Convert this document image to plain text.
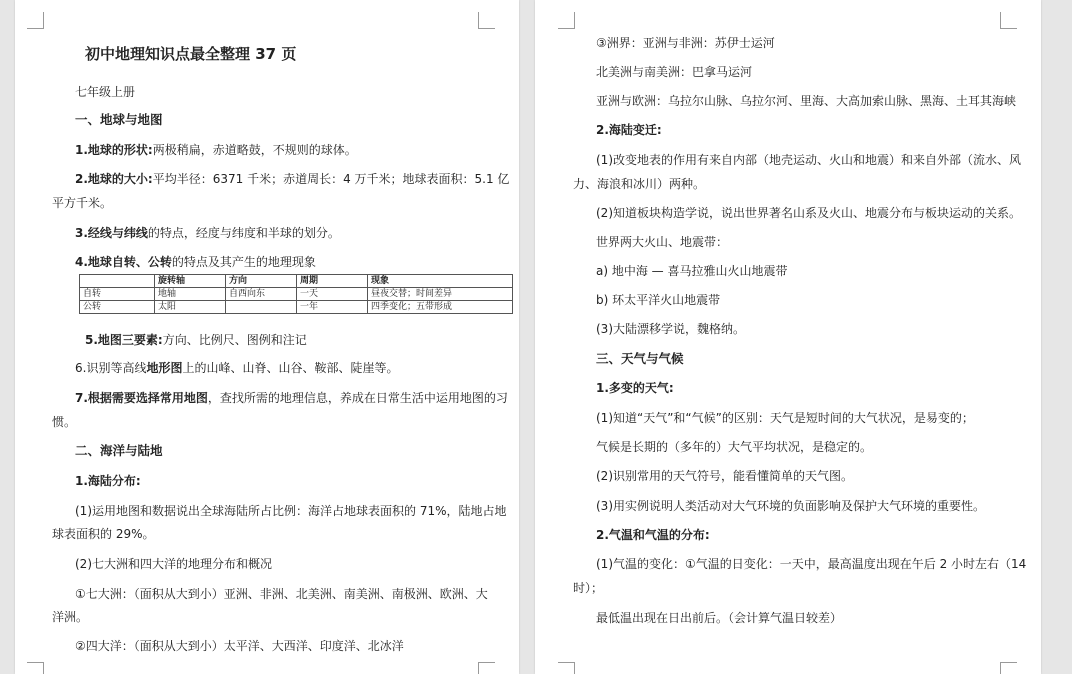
初中地理知识点最全整理 37 页
七年级上册
一、地球与地图
1.地球的形状:两极稍扁，赤道略鼓，不规则的球体。
2.地球的大小:平均半径：6371 千米；赤道周长：4 万千米；地球表面积：5.1 亿
平方千米。
3.经线与纬线的特点，经度与纬度和半球的划分。
4.地球自转、公转的特点及其产生的地理现象
	旋转轴	方向	周期	现象
自转	地轴	自西向东	一天	昼夜交替；时间差异
公转	太阳		一年	四季变化；五带形成
5.地图三要素:方向、比例尺、图例和注记
6.识别等高线地形图上的山峰、山脊、山谷、鞍部、陡崖等。
7.根据需要选择常用地图，查找所需的地理信息，养成在日常生活中运用地图的习
惯。
二、海洋与陆地
1.海陆分布:
(1)运用地图和数据说出全球海陆所占比例：海洋占地球表面积的 71%，陆地占地
球表面积的 29%。
(2)七大洲和四大洋的地理分布和概况
①七大洲：（面积从大到小）亚洲、非洲、北美洲、南美洲、南极洲、欧洲、大
洋洲。
②四大洋：（面积从大到小）太平洋、大西洋、印度洋、北冰洋
③洲界：亚洲与非洲：苏伊士运河
北美洲与南美洲：巴拿马运河
亚洲与欧洲：乌拉尔山脉、乌拉尔河、里海、大高加索山脉、黑海、土耳其海峡
2.海陆变迁:
(1)改变地表的作用有来自内部（地壳运动、火山和地震）和来自外部（流水、风
力、海浪和冰川）两种。
(2)知道板块构造学说，说出世界著名山系及火山、地震分布与板块运动的关系。
世界两大火山、地震带：
a) 地中海 — 喜马拉雅山火山地震带
b) 环太平洋火山地震带
(3)大陆漂移学说，魏格纳。
三、天气与气候
1.多变的天气:
(1)知道“天气”和“气候”的区别：天气是短时间的大气状况，是易变的；
气候是长期的（多年的）大气平均状况，是稳定的。
(2)识别常用的天气符号，能看懂简单的天气图。
(3)用实例说明人类活动对大气环境的负面影响及保护大气环境的重要性。
2.气温和气温的分布:
(1)气温的变化：①气温的日变化：一天中，最高温度出现在午后 2 小时左右（14
时）；
最低温出现在日出前后。（会计算气温日较差）
